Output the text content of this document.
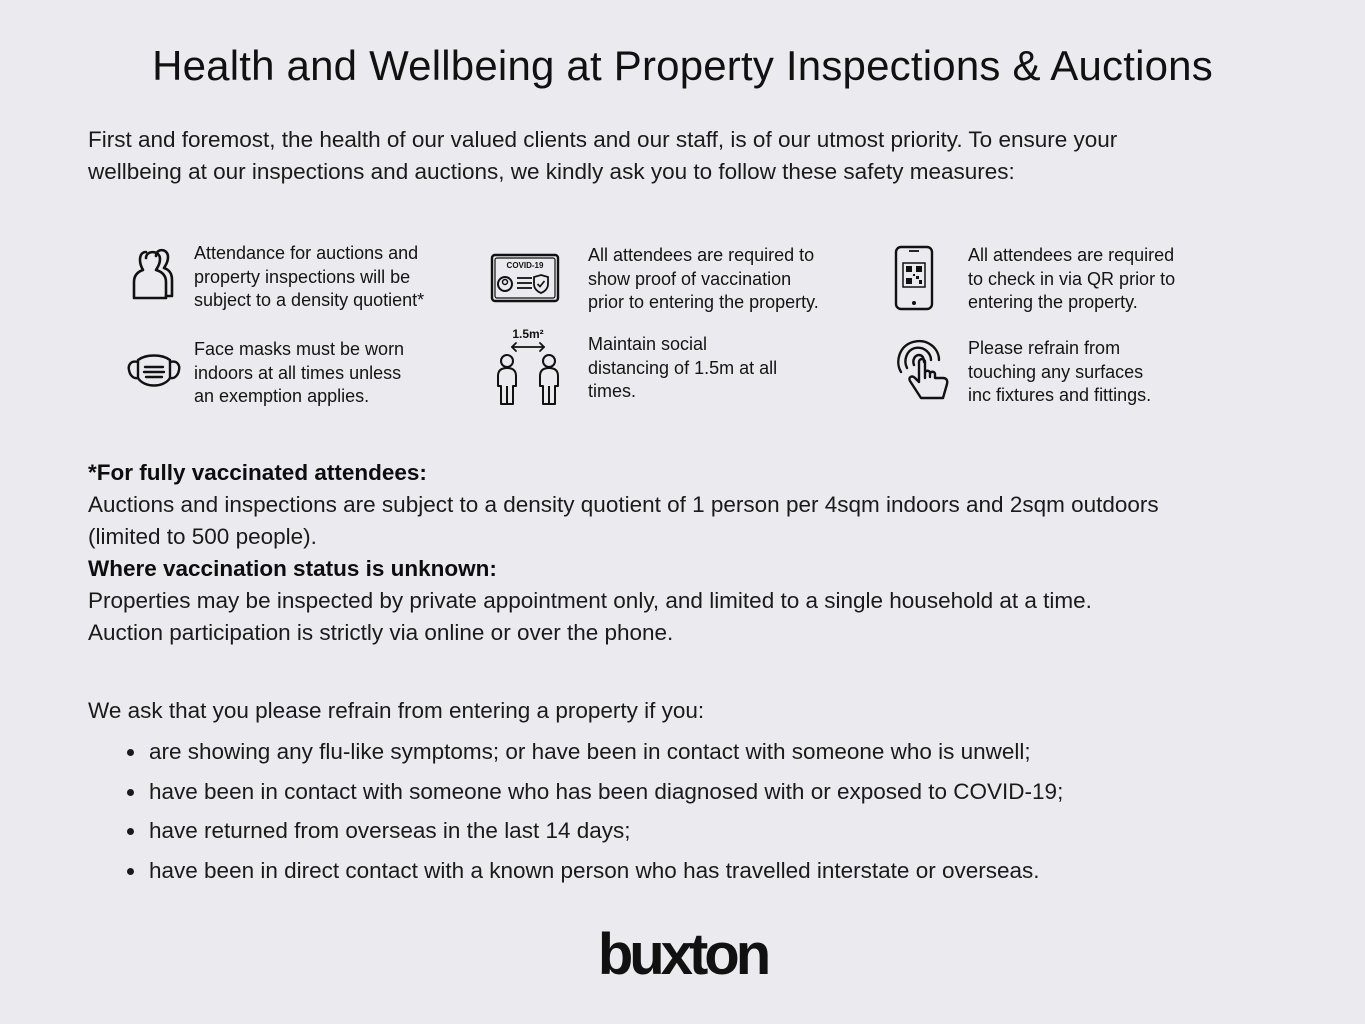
Health and Wellbeing at Property Inspections & Auctions
First and foremost, the health of our valued clients and our staff, is of our utmost priority. To ensure your
wellbeing at our inspections and auctions, we kindly ask you to follow these safety measures:
Attendance for auctions and
property inspections will be
subject to a density quotient*
COVID-19
All attendees are required to
show proof of vaccination
prior to entering the property.
All attendees are required
to check in via QR prior to
entering the property.
Face masks must be worn
indoors at all times unless
an exemption applies.
1.5m² Maintain social
distancing of 1.5m at all
times.
Please refrain from
touching any surfaces
inc fixtures and fittings.
*For fully vaccinated attendees:
Auctions and inspections are subject to a density quotient of 1 person per 4sqm indoors and 2sqm outdoors
(limited to 500 people).
Where vaccination status is unknown:
Properties may be inspected by private appointment only, and limited to a single household at a time.
Auction participation is strictly via online or over the phone.
We ask that you please refrain from entering a property if you:
are showing any flu-like symptoms; or have been in contact with someone who is unwell;
have been in contact with someone who has been diagnosed with or exposed to COVID-19;
have returned from overseas in the last 14 days;
have been in direct contact with a known person who has travelled interstate or overseas.
buxton
